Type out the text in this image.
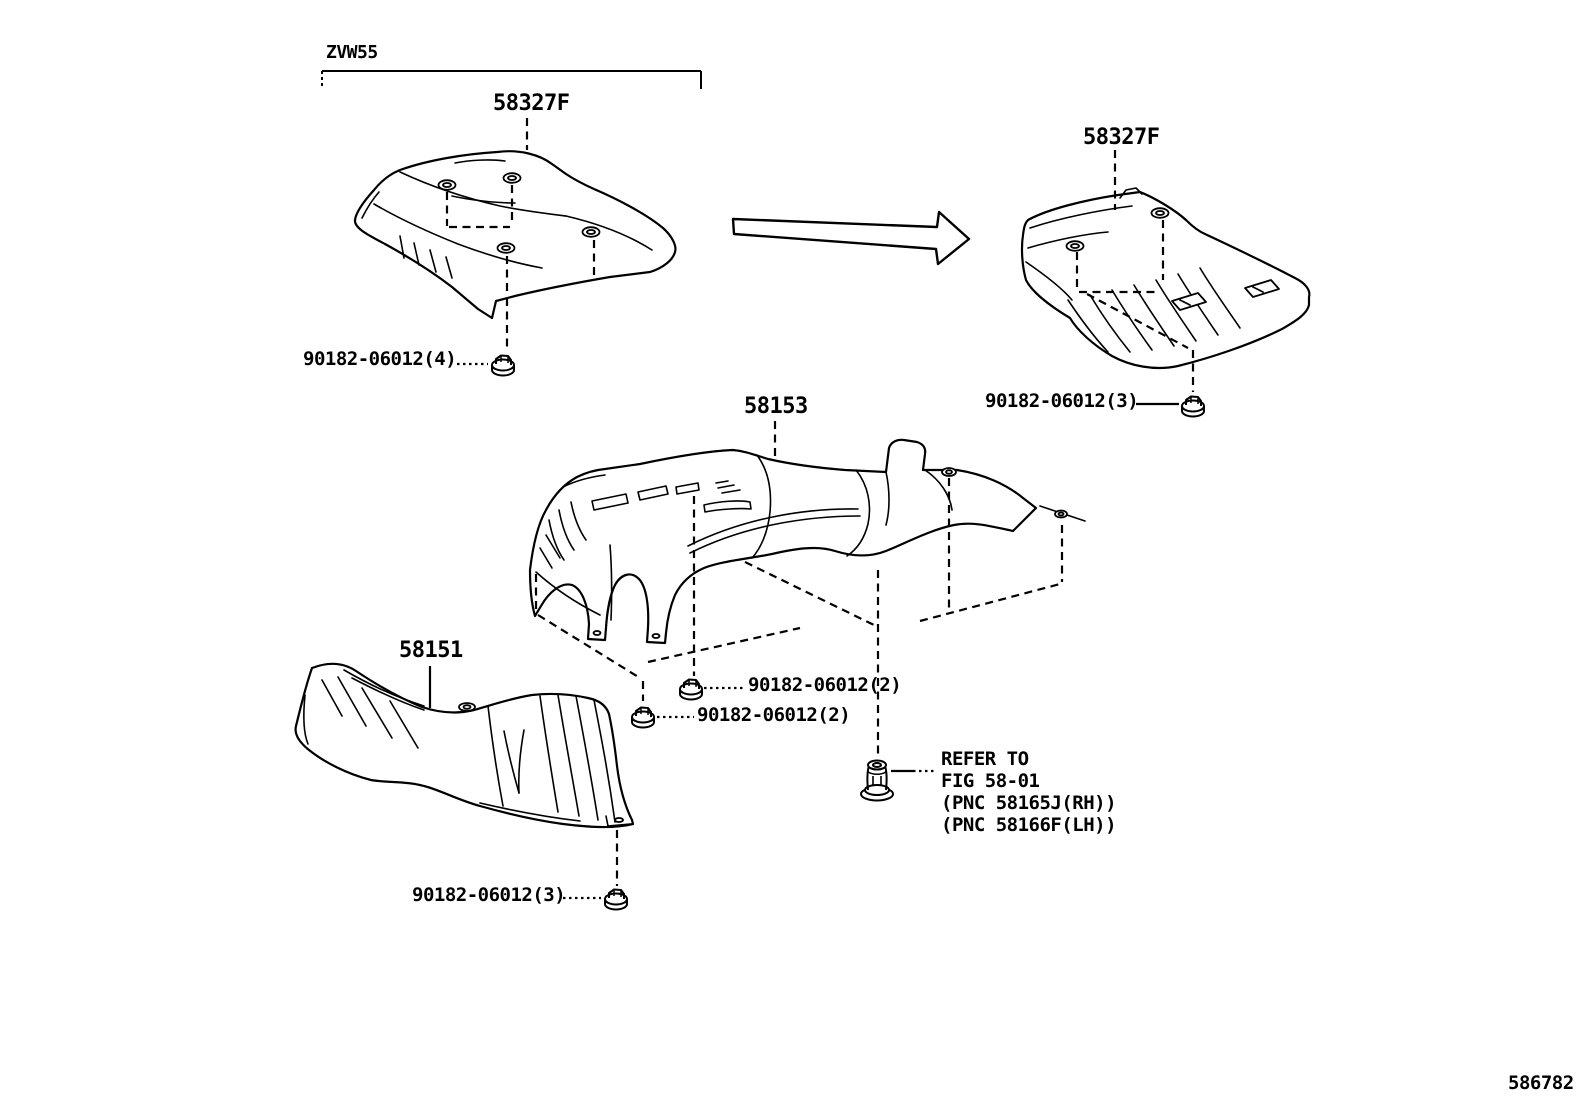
ZVW55
58327F
58327F
58153
58151
90182-06012(4)
90182-06012(3)
90182-06012(2)
90182-06012(2)
90182-06012(3)
REFER TO
FIG 58-01
(PNC 58165J(RH))
(PNC 58166F(LH))
586782
